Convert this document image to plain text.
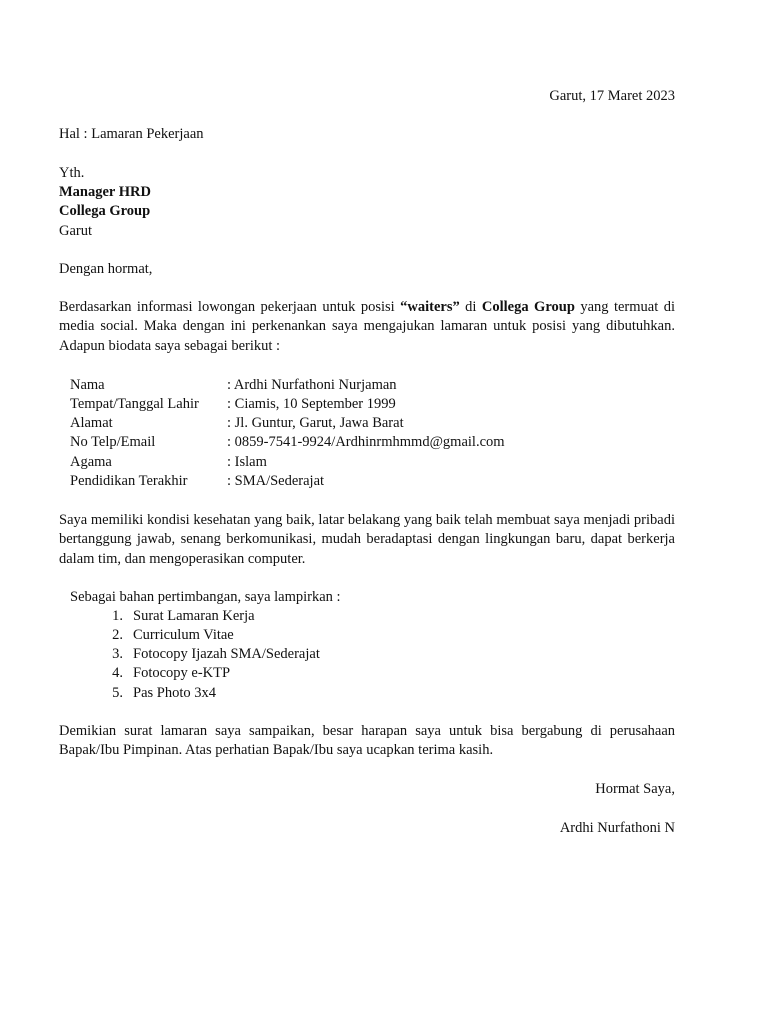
Garut, 17 Maret 2023
Hal : Lamaran Pekerjaan
Yth.
Manager HRD
Collega Group
Garut
Dengan hormat,
Berdasarkan informasi lowongan pekerjaan untuk posisi “waiters” di Collega Group yang termuat di media social. Maka dengan ini perkenankan saya mengajukan lamaran untuk posisi yang dibutuhkan. Adapun biodata saya sebagai berikut :
Nama	: Ardhi Nurfathoni Nurjaman
Tempat/Tanggal Lahir : Ciamis, 10 September 1999
Alamat	: Jl. Guntur, Garut, Jawa Barat
No Telp/Email	: 0859-7541-9924/Ardhinrmhmmd@gmail.com
Agama	: Islam
Pendidikan Terakhir	: SMA/Sederajat
Saya memiliki kondisi kesehatan yang baik, latar belakang yang baik telah membuat saya menjadi pribadi bertanggung jawab, senang berkomunikasi, mudah beradaptasi dengan lingkungan baru, dapat berkerja dalam tim, dan mengoperasikan computer.
Sebagai bahan pertimbangan, saya lampirkan :
1. Surat Lamaran Kerja
2. Curriculum Vitae
3. Fotocopy Ijazah SMA/Sederajat
4. Fotocopy e-KTP
5. Pas Photo 3x4
Demikian surat lamaran saya sampaikan, besar harapan saya untuk bisa bergabung di perusahaan Bapak/Ibu Pimpinan. Atas perhatian Bapak/Ibu saya ucapkan terima kasih.
Hormat Saya,
Ardhi Nurfathoni N
